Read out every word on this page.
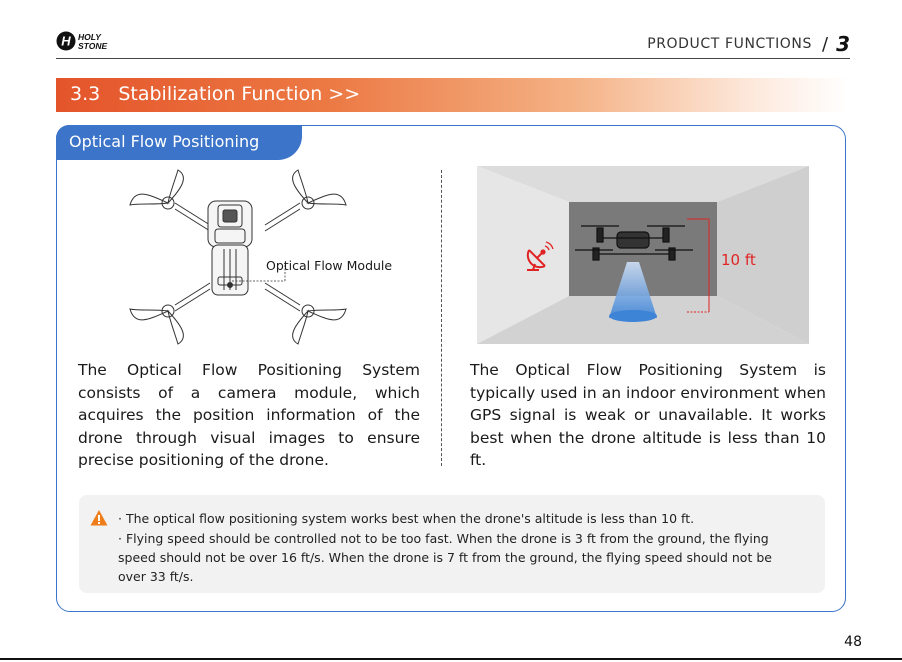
H HOLY
STONE	PRODUCT FUNCTIONS / 3
3.3   Stabilization Function >>
Optical Flow Positioning
Optical Flow Module	10 ft

The Optical Flow Positioning System consists of a camera module, which acquires the position information of the drone through visual images to ensure precise positioning of the drone.

The Optical Flow Positioning System is typically used in an indoor environment when GPS signal is weak or unavailable. It works best when the drone altitude is less than 10 ft.

· The optical flow positioning system works best when the drone's altitude is less than 10 ft.
· Flying speed should be controlled not to be too fast. When the drone is 3 ft from the ground, the flying speed should not be over 16 ft/s. When the drone is 7 ft from the ground, the flying speed should not be over 33 ft/s.
48
